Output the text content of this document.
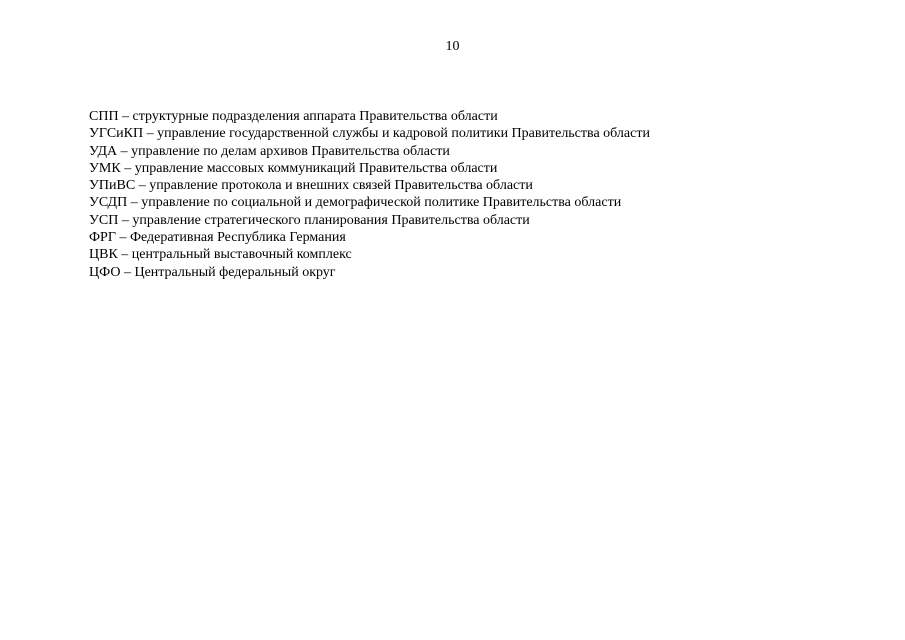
10
СПП – структурные подразделения аппарата Правительства области
УГСиКП – управление государственной службы и кадровой политики Правительства области
УДА – управление по делам архивов Правительства области
УМК – управление массовых коммуникаций Правительства области
УПиВС – управление протокола и внешних связей Правительства области
УСДП – управление по социальной и демографической политике Правительства области
УСП – управление стратегического планирования Правительства области
ФРГ – Федеративная Республика Германия
ЦВК – центральный выставочный комплекс
ЦФО – Центральный федеральный округ
